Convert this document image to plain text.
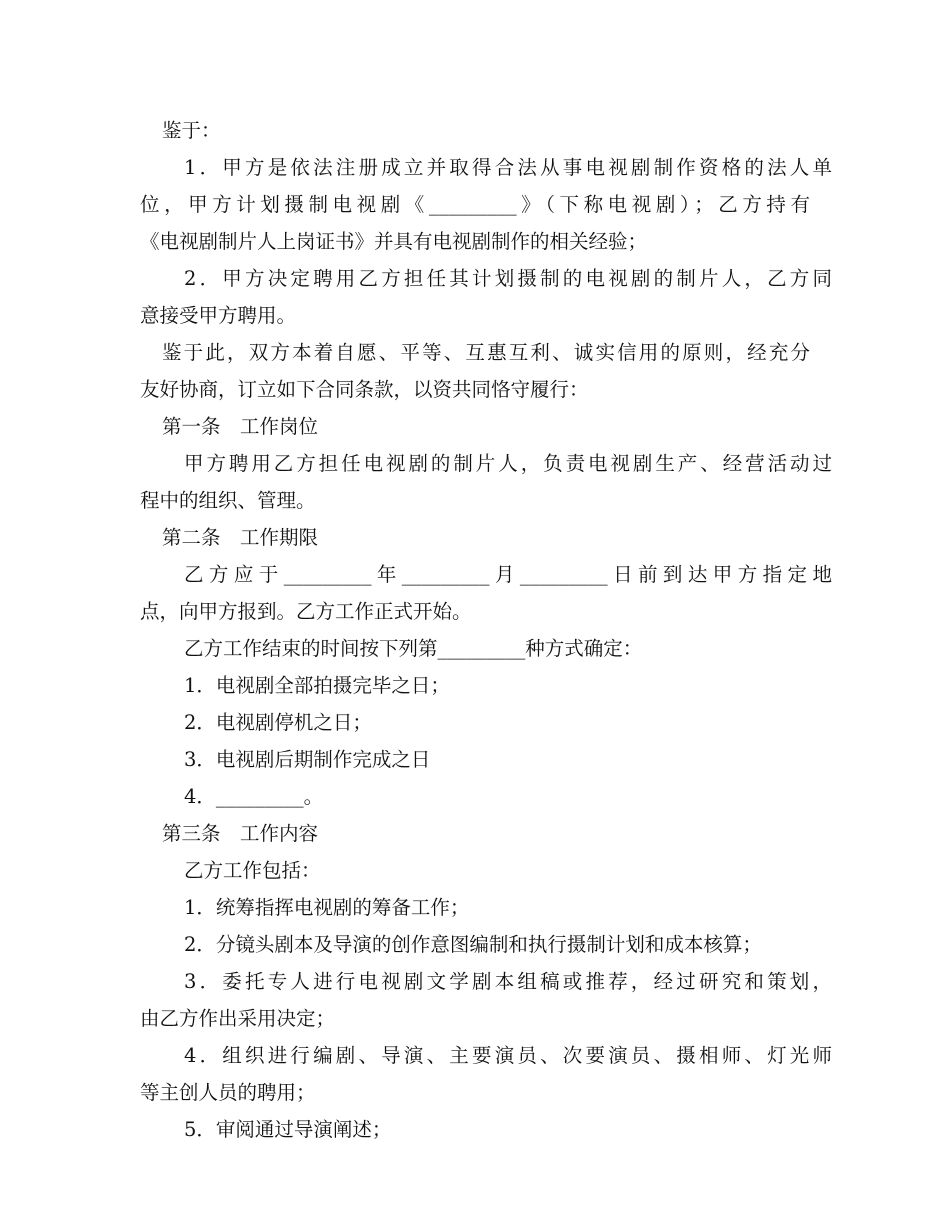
鉴于：
1．甲方是依法注册成立并取得合法从事电视剧制作资格的法人单
位，甲方计划摄制电视剧《_________》（下称电视剧）；乙方持有
《电视剧制片人上岗证书》并具有电视剧制作的相关经验；
2．甲方决定聘用乙方担任其计划摄制的电视剧的制片人，乙方同
意接受甲方聘用。
鉴于此，双方本着自愿、平等、互惠互利、诚实信用的原则，经充分
友好协商，订立如下合同条款，以资共同恪守履行：
第一条　工作岗位
甲方聘用乙方担任电视剧的制片人，负责电视剧生产、经营活动过
程中的组织、管理。
第二条　工作期限
乙方应于_________年_________月_________日前到达甲方指定地
点，向甲方报到。乙方工作正式开始。
乙方工作结束的时间按下列第_________种方式确定：
1．电视剧全部拍摄完毕之日；
2．电视剧停机之日；
3．电视剧后期制作完成之日
4．_________。
第三条　工作内容
乙方工作包括：
1．统筹指挥电视剧的筹备工作；
2．分镜头剧本及导演的创作意图编制和执行摄制计划和成本核算；
3．委托专人进行电视剧文学剧本组稿或推荐，经过研究和策划，
由乙方作出采用决定；
4．组织进行编剧、导演、主要演员、次要演员、摄相师、灯光师
等主创人员的聘用；
5．审阅通过导演阐述；
